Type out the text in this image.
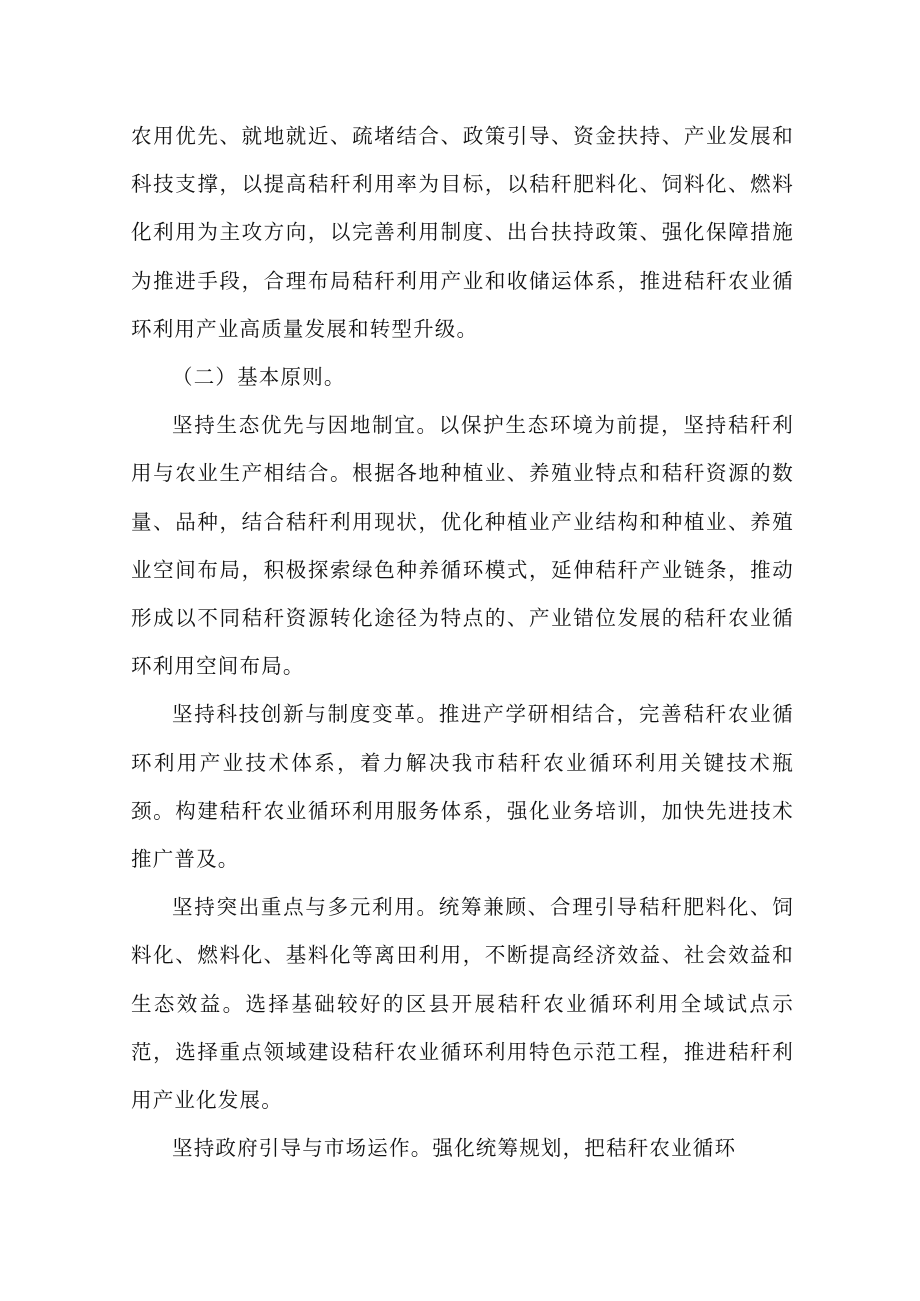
农用优先、就地就近、疏堵结合、政策引导、资金扶持、产业发展和科技支撑，以提高秸秆利用率为目标，以秸秆肥料化、饲料化、燃料化利用为主攻方向，以完善利用制度、出台扶持政策、强化保障措施为推进手段，合理布局秸秆利用产业和收储运体系，推进秸秆农业循环利用产业高质量发展和转型升级。

（二）基本原则。

坚持生态优先与因地制宜。以保护生态环境为前提，坚持秸秆利用与农业生产相结合。根据各地种植业、养殖业特点和秸秆资源的数量、品种，结合秸秆利用现状，优化种植业产业结构和种植业、养殖业空间布局，积极探索绿色种养循环模式，延伸秸秆产业链条，推动形成以不同秸秆资源转化途径为特点的、产业错位发展的秸秆农业循环利用空间布局。

坚持科技创新与制度变革。推进产学研相结合，完善秸秆农业循环利用产业技术体系，着力解决我市秸秆农业循环利用关键技术瓶颈。构建秸秆农业循环利用服务体系，强化业务培训，加快先进技术推广普及。

坚持突出重点与多元利用。统筹兼顾、合理引导秸秆肥料化、饲料化、燃料化、基料化等离田利用，不断提高经济效益、社会效益和生态效益。选择基础较好的区县开展秸秆农业循环利用全域试点示范，选择重点领域建设秸秆农业循环利用特色示范工程，推进秸秆利用产业化发展。

坚持政府引导与市场运作。强化统筹规划，把秸秆农业循环
